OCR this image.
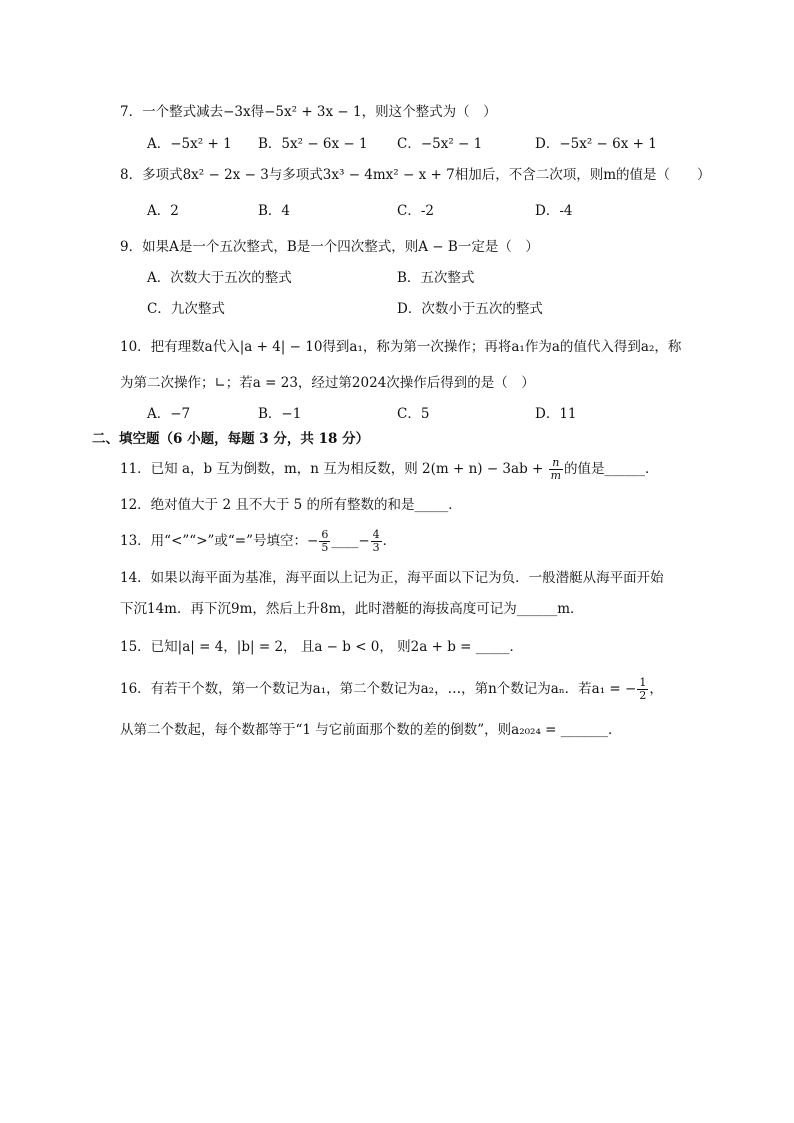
7．一个整式减去−3x得−5x² + 3x − 1，则这个整式为（　）
A．−5x² + 1 B．5x² − 6x − 1 C．−5x² − 1	D．−5x² − 6x + 1
8．多项式8x² − 2x − 3与多项式3x³ − 4mx² − x + 7相加后，不含二次项，则m的值是（　　）
A．2	B．4	C．-2	D．-4
9．如果A是一个五次整式，B是一个四次整式，则A − B一定是（　）
A．次数大于五次的整式	B．五次整式
C．九次整式	D．次数小于五次的整式
10．把有理数a代入|a + 4| − 10得到a₁，称为第一次操作；再将a₁作为a的值代入得到a₂，称
为第二次操作；∟；若a = 23，经过第2024次操作后得到的是（　）
A．−7	B．−1	C．5	D．11
二、填空题（6 小题，每题 3 分，共 18 分）
11．已知 a，b 互为倒数，m，n 互为相反数，则 $2(m + n) - 3ab + \frac{n}{m}$ 的值是______．
12．绝对值大于 2 且不大于 5 的所有整数的和是_____．
13．用“<”“>”或“=”号填空：− $\frac{6}{5}$ ____− $\frac{4}{3}$ ．
14．如果以海平面为基准，海平面以上记为正，海平面以下记为负．一般潜艇从海平面开始
下沉14m．再下沉9m，然后上升8m，此时潜艇的海拔高度可记为______m．
15．已知|a| = 4，|b| = 2， 且a − b < 0， 则2a + b = _____．
16．有若干个数，第一个数记为a₁，第二个数记为a₂，…，第n个数记为aₙ．若a₁ = − $\frac{1}{2}$ ，
从第二个数起，每个数都等于“1 与它前面那个数的差的倒数”，则a₂₀₂₄ = _______．
